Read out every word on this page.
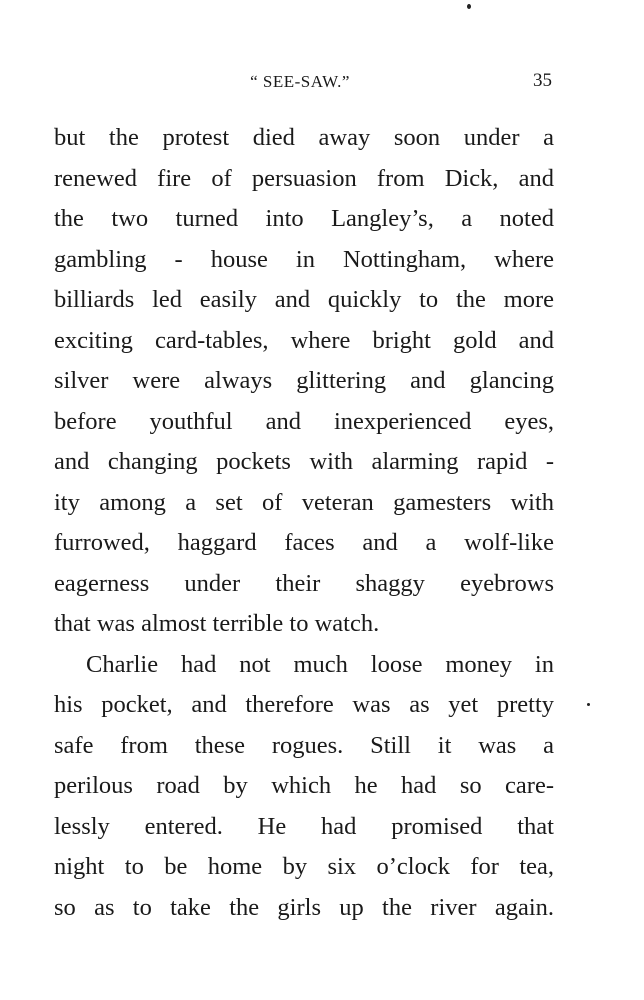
“ SEE-SAW.”	35
but the protest died away soon under a
renewed fire of persuasion from Dick, and
the two turned into Langley’s, a noted
gambling - house in Nottingham, where
billiards led easily and quickly to the more
exciting card-tables, where bright gold and
silver were always glittering and glancing
before youthful and inexperienced eyes,
and changing pockets with alarming rapid -
ity among a set of veteran gamesters with
furrowed, haggard faces and a wolf-like
eagerness under their shaggy eyebrows
that was almost terrible to watch.
Charlie had not much loose money in
his pocket, and therefore was as yet pretty
safe from these rogues. Still it was a
perilous road by which he had so care-
lessly entered. He had promised that
night to be home by six o’clock for tea,
so as to take the girls up the river again.
